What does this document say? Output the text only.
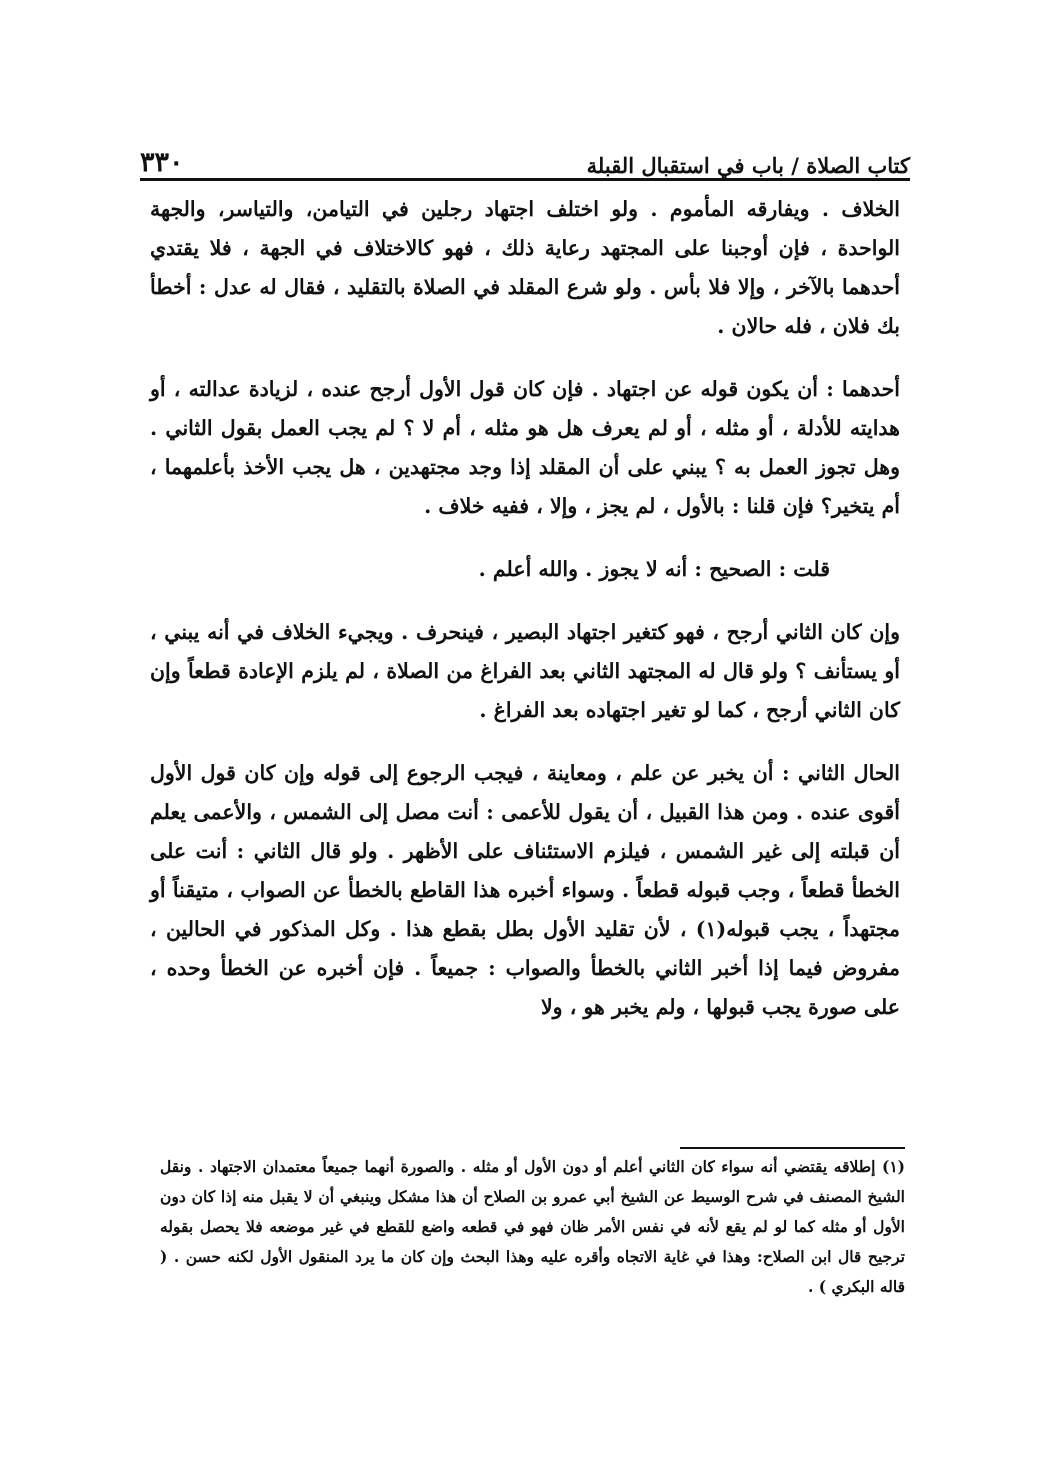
٣٣٠	كتاب الصلاة / باب في استقبال القبلة

الخلاف . ويفارقه المأموم . ولو اختلف اجتهاد رجلين في التيامن، والتياسر، والجهة الواحدة ، فإن أوجبنا على المجتهد رعاية ذلك ، فهو كالاختلاف في الجهة ، فلا يقتدي أحدهما بالآخر ، وإلا فلا بأس . ولو شرع المقلد في الصلاة بالتقليد ، فقال له عدل : أخطأ بك فلان ، فله حالان .

أحدهما : أن يكون قوله عن اجتهاد . فإن كان قول الأول أرجح عنده ، لزيادة عدالته ، أو هدايته للأدلة ، أو مثله ، أو لم يعرف هل هو مثله ، أم لا ؟ لم يجب العمل بقول الثاني . وهل تجوز العمل به ؟ يبني على أن المقلد إذا وجد مجتهدين ، هل يجب الأخذ بأعلمهما ، أم يتخير؟ فإن قلنا : بالأول ، لم يجز ، وإلا ، ففيه خلاف .

قلت : الصحيح : أنه لا يجوز . والله أعلم .

وإن كان الثاني أرجح ، فهو كتغير اجتهاد البصير ، فينحرف . ويجيء الخلاف في أنه يبني ، أو يستأنف ؟ ولو قال له المجتهد الثاني بعد الفراغ من الصلاة ، لم يلزم الإعادة قطعاً وإن كان الثاني أرجح ، كما لو تغير اجتهاده بعد الفراغ .

الحال الثاني : أن يخبر عن علم ، ومعاينة ، فيجب الرجوع إلى قوله وإن كان قول الأول أقوى عنده . ومن هذا القبيل ، أن يقول للأعمى : أنت مصل إلى الشمس ، والأعمى يعلم أن قبلته إلى غير الشمس ، فيلزم الاستئناف على الأظهر . ولو قال الثاني : أنت على الخطأ قطعاً ، وجب قبوله قطعاً . وسواء أخبره هذا القاطع بالخطأ عن الصواب ، متيقناً أو مجتهداً ، يجب قبوله(١) ، لأن تقليد الأول بطل بقطع هذا . وكل المذكور في الحالين ، مفروض فيما إذا أخبر الثاني بالخطأ والصواب : جميعاً . فإن أخبره عن الخطأ وحده ، على صورة يجب قبولها ، ولم يخبر هو ، ولا

(١) إطلاقه يقتضي أنه سواء كان الثاني أعلم أو دون الأول أو مثله . والصورة أنهما جميعاً معتمدان الاجتهاد . ونقل الشيخ المصنف في شرح الوسيط عن الشيخ أبي عمرو بن الصلاح أن هذا مشكل وينبغي أن لا يقبل منه إذا كان دون الأول أو مثله كما لو لم يقع لأنه في نفس الأمر ظان فهو في قطعه واضع للقطع في غير موضعه فلا يحصل بقوله ترجيح قال ابن الصلاح: وهذا في غاية الاتجاه وأقره عليه وهذا البحث وإن كان ما يرد المنقول الأول لكنه حسن . ( قاله البكري ) .
